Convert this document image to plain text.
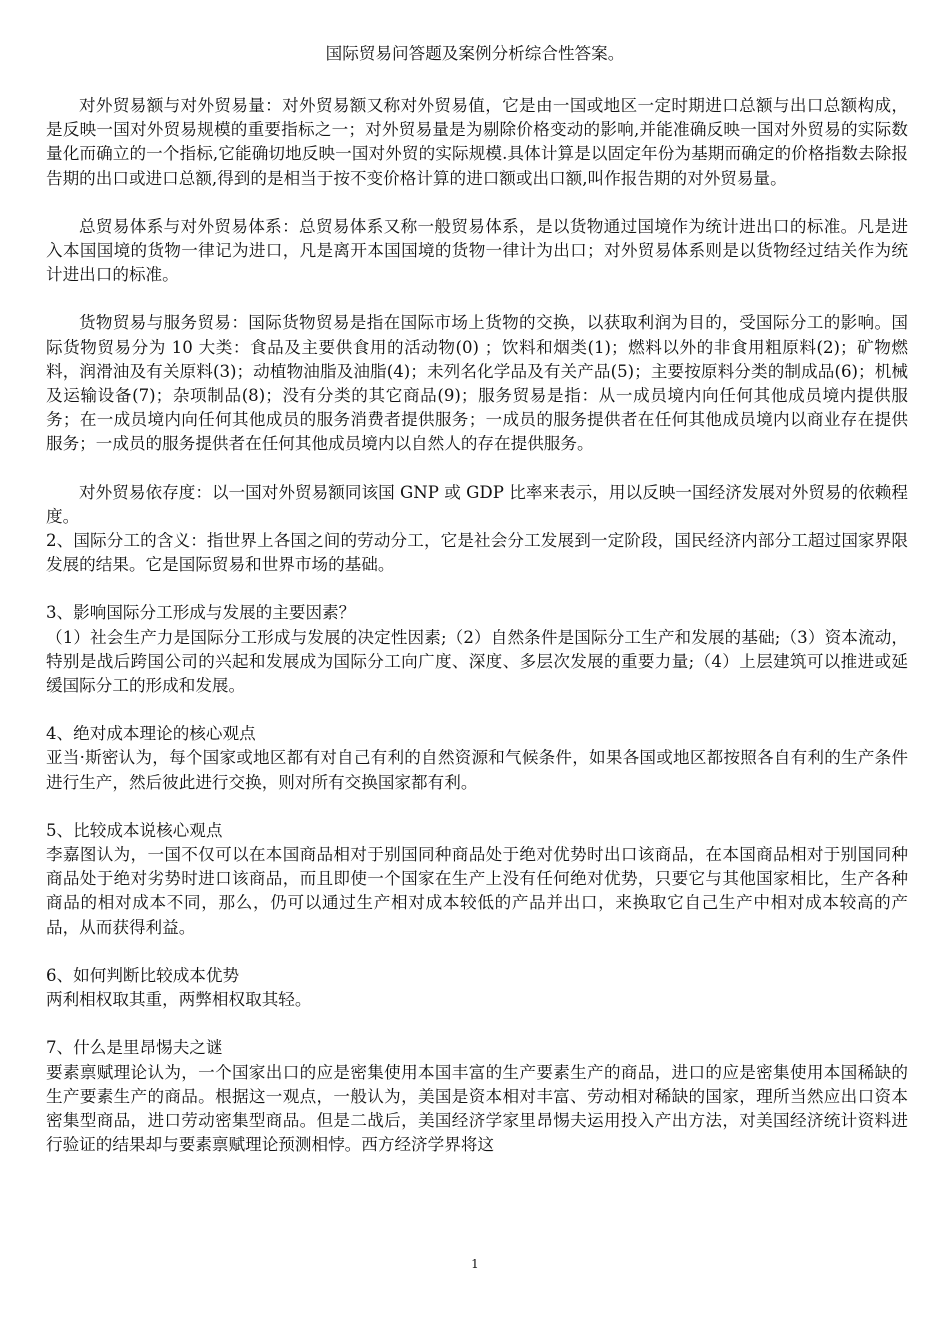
国际贸易问答题及案例分析综合性答案。

对外贸易额与对外贸易量：对外贸易额又称对外贸易值，它是由一国或地区一定时期进口总额与出口总额构成，是反映一国对外贸易规模的重要指标之一；对外贸易量是为剔除价格变动的影响,并能准确反映一国对外贸易的实际数量化而确立的一个指标,它能确切地反映一国对外贸的实际规模.具体计算是以固定年份为基期而确定的价格指数去除报告期的出口或进口总额,得到的是相当于按不变价格计算的进口额或出口额,叫作报告期的对外贸易量。

总贸易体系与对外贸易体系：总贸易体系又称一般贸易体系，是以货物通过国境作为统计进出口的标准。凡是进入本国国境的货物一律记为进口，凡是离开本国国境的货物一律计为出口；对外贸易体系则是以货物经过结关作为统计进出口的标准。

货物贸易与服务贸易：国际货物贸易是指在国际市场上货物的交换，以获取利润为目的，受国际分工的影响。国际货物贸易分为 10 大类：食品及主要供食用的活动物(0) ；饮料和烟类(1)；燃料以外的非食用粗原料(2)；矿物燃料，润滑油及有关原料(3)；动植物油脂及油脂(4)；未列名化学品及有关产品(5)；主要按原料分类的制成品(6)；机械及运输设备(7)；杂项制品(8)；没有分类的其它商品(9)；服务贸易是指：从一成员境内向任何其他成员境内提供服务；在一成员境内向任何其他成员的服务消费者提供服务；一成员的服务提供者在任何其他成员境内以商业存在提供服务；一成员的服务提供者在任何其他成员境内以自然人的存在提供服务。

对外贸易依存度：以一国对外贸易额同该国 GNP 或 GDP 比率来表示，用以反映一国经济发展对外贸易的依赖程度。

2、国际分工的含义：指世界上各国之间的劳动分工，它是社会分工发展到一定阶段，国民经济内部分工超过国家界限发展的结果。它是国际贸易和世界市场的基础。

3、影响国际分工形成与发展的主要因素？

（1）社会生产力是国际分工形成与发展的决定性因素;（2）自然条件是国际分工生产和发展的基础;（3）资本流动，特别是战后跨国公司的兴起和发展成为国际分工向广度、深度、多层次发展的重要力量;（4）上层建筑可以推进或延缓国际分工的形成和发展。

4、绝对成本理论的核心观点

亚当·斯密认为，每个国家或地区都有对自己有利的自然资源和气候条件，如果各国或地区都按照各自有利的生产条件进行生产，然后彼此进行交换，则对所有交换国家都有利。

5、比较成本说核心观点

李嘉图认为，一国不仅可以在本国商品相对于别国同种商品处于绝对优势时出口该商品，在本国商品相对于别国同种商品处于绝对劣势时进口该商品，而且即使一个国家在生产上没有任何绝对优势，只要它与其他国家相比，生产各种商品的相对成本不同，那么，仍可以通过生产相对成本较低的产品并出口，来换取它自己生产中相对成本较高的产品，从而获得利益。

6、如何判断比较成本优势

两利相权取其重，两弊相权取其轻。

7、什么是里昂惕夫之谜

要素禀赋理论认为，一个国家出口的应是密集使用本国丰富的生产要素生产的商品，进口的应是密集使用本国稀缺的生产要素生产的商品。根据这一观点，一般认为，美国是资本相对丰富、劳动相对稀缺的国家，理所当然应出口资本密集型商品，进口劳动密集型商品。但是二战后，美国经济学家里昂惕夫运用投入产出方法，对美国经济统计资料进行验证的结果却与要素禀赋理论预测相悖。西方经济学界将这

1
